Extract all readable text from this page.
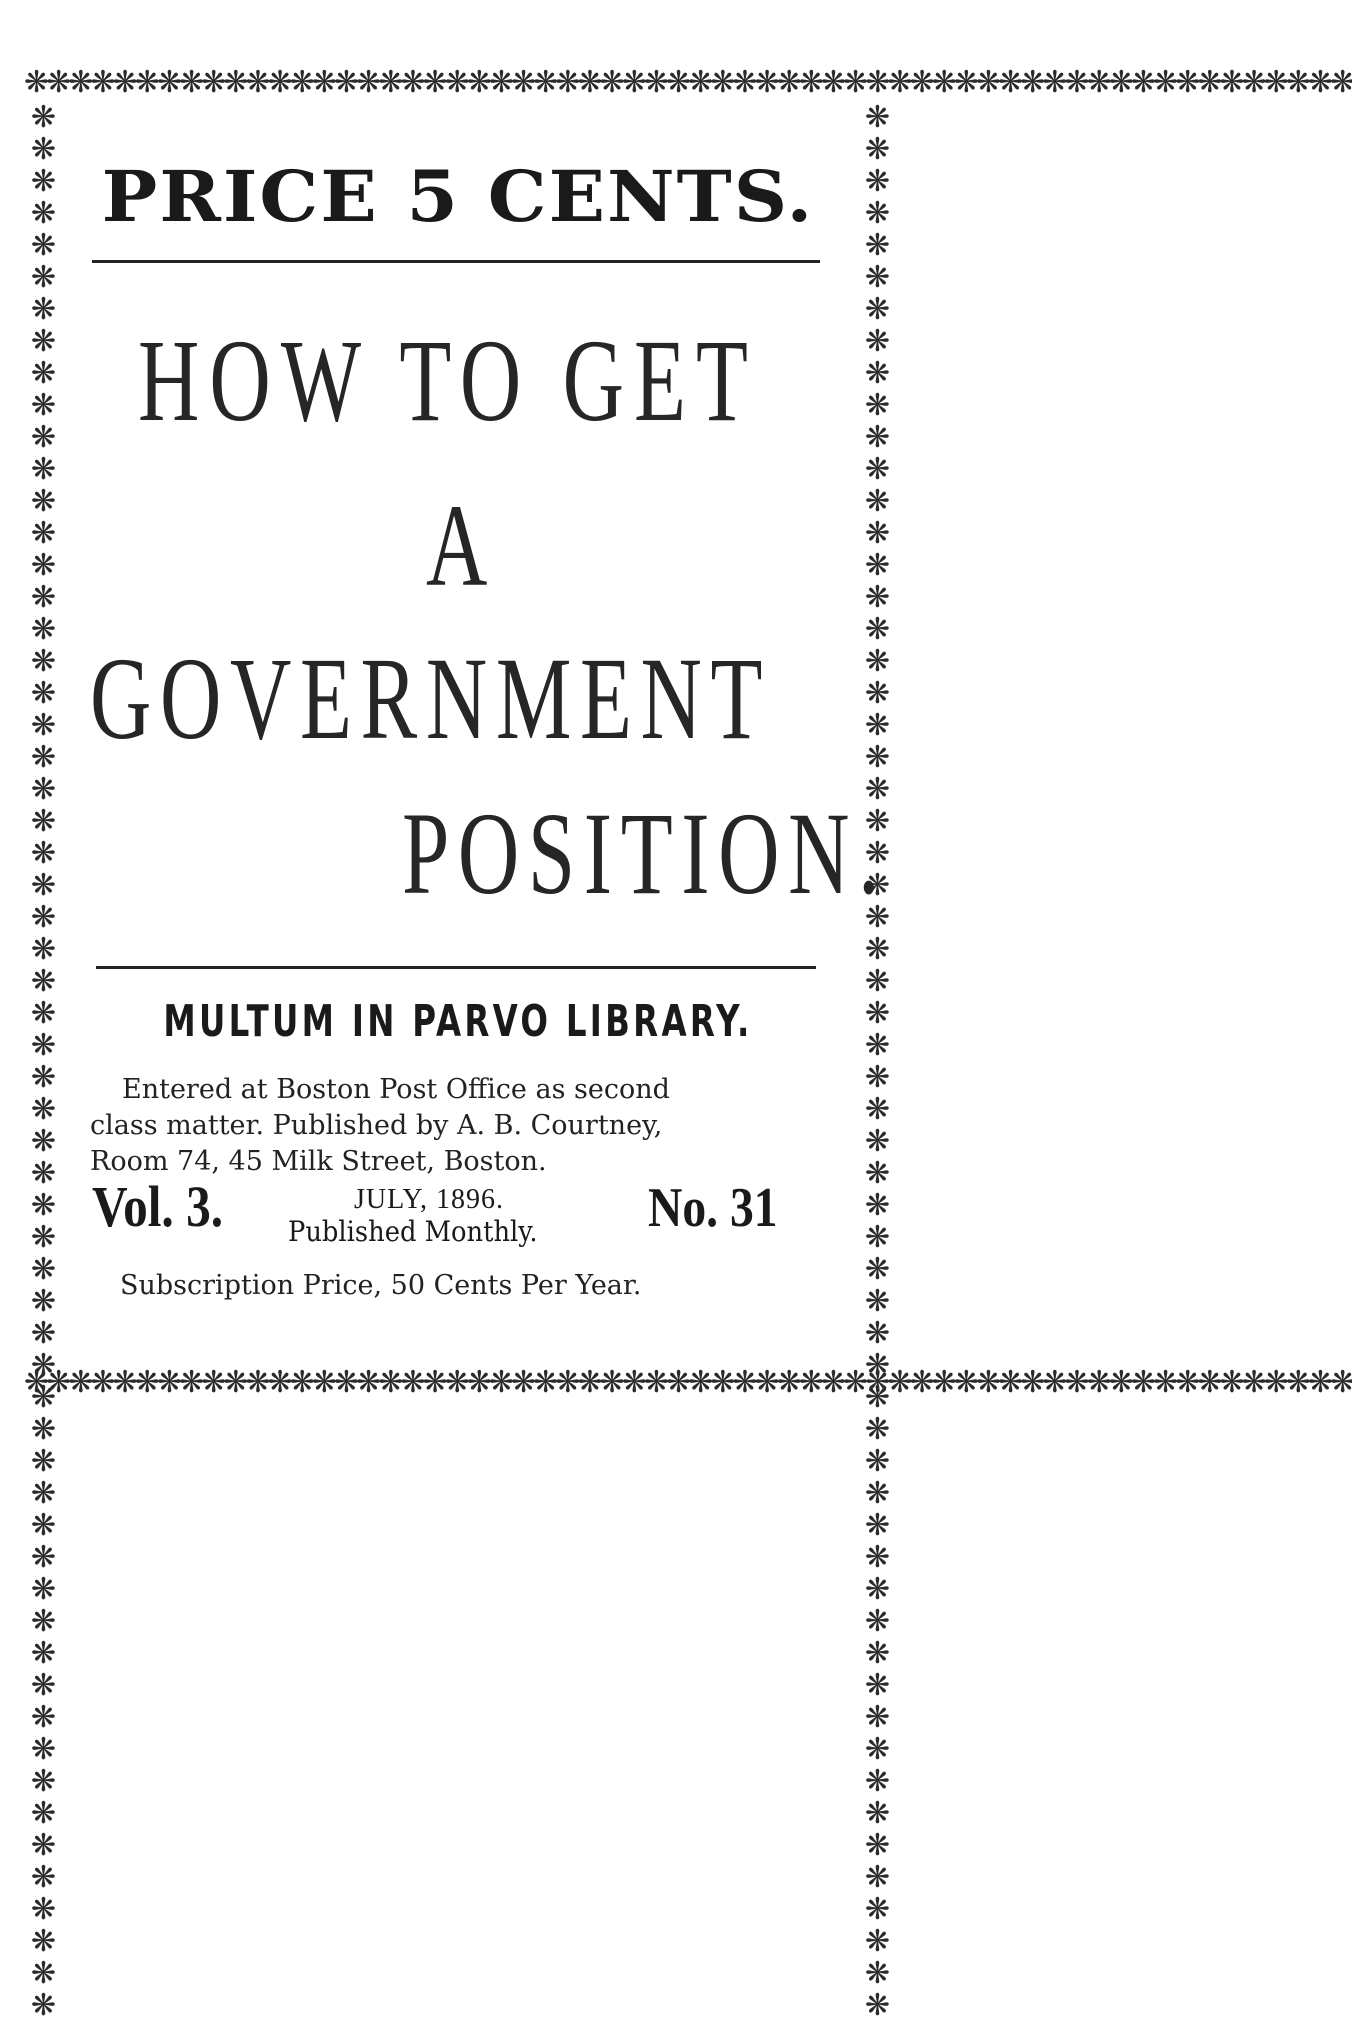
❋❋❋❋❋❋❋❋❋❋❋❋❋❋❋❋❋❋❋❋❋❋❋❋❋❋❋❋❋❋❋❋❋❋❋❋❋❋❋❋❋❋❋❋❋❋❋❋❋❋❋❋❋❋❋❋❋❋❋❋
❋❋❋❋❋❋❋❋❋❋❋❋❋❋❋❋❋❋❋❋❋❋❋❋❋❋❋❋❋❋❋❋❋❋❋❋❋❋❋❋❋❋❋❋❋❋❋❋❋❋❋❋❋❋❋❋❋❋❋❋
❋❋❋❋❋❋❋❋❋❋❋❋❋❋❋❋❋❋❋❋❋❋❋❋❋❋❋❋❋❋❋❋❋❋❋❋❋❋❋❋❋❋❋❋❋❋❋❋❋❋❋❋❋❋❋❋❋❋❋❋	❋❋❋❋❋❋❋❋❋❋❋❋❋❋❋❋❋❋❋❋❋❋❋❋❋❋❋❋❋❋❋❋❋❋❋❋❋❋❋❋❋❋❋❋❋❋❋❋❋❋❋❋❋❋❋❋❋❋❋❋
PRICE 5 CENTS.
HOW TO GET
A
GOVERNMENT
POSITION.
MULTUM IN PARVO LIBRARY.
Entered at Boston Post Office as second
class matter. Published by A. B. Courtney,
Room 74, 45 Milk Street, Boston.
Vol. 3.	JULY, 1896.
Published Monthly. No. 31
Subscription Price, 50 Cents Per Year.
